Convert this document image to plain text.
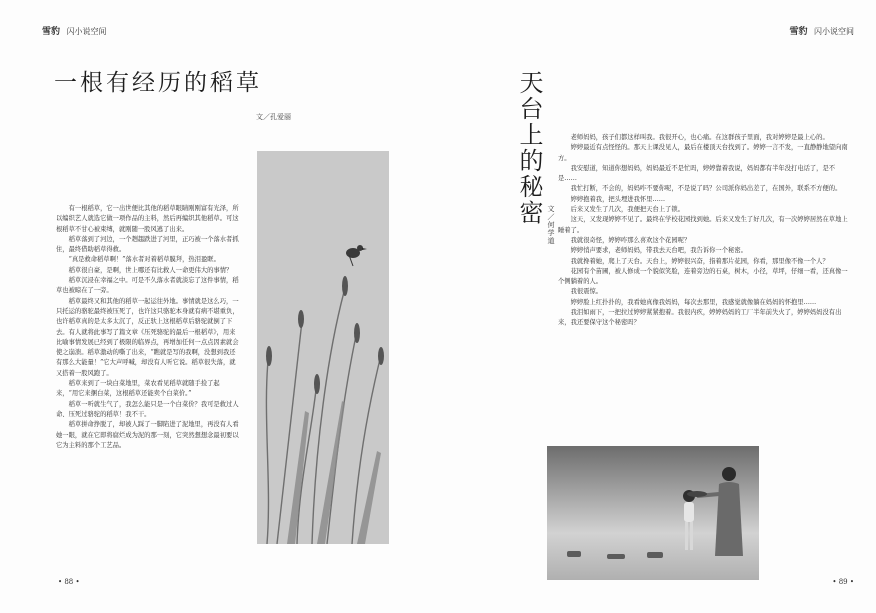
雪豹 闪小说空间
一根有经历的稻草
文／孔爱丽

有一根稻草，它一出世便比其他的稻草眼睛刚刚富有光泽，所以编织艺人就选它做一项作品的主料，然后再编织其他稻草。可这根稻草不甘心被束缚，就刚随一股风逃了出来。

稻草落到了河边，一个趔趄跌进了河里，正巧被一个落水者抓住，最终借助稻草得救。

“真是救命稻草啊！”落水者对着稻草膜拜，热泪盈眶。

稻草很自豪，是啊，世上哪还有比救人一命更伟大的事情？

稻草沉浸在幸福之中。可是不久落水者就淡忘了这件事情，稻草也被晾在了一旁。

稻草最终又和其他的稻草一起运往外地。事情就是这么巧，一只托运的骆驼最终被压死了，也许这只骆驼本身就有病不堪重负，也许稻草真的是太多太沉了，反正驮上这根稻草后骆驼就倒了下去。有人就将此事写了篇文章《压死骆驼的最后一根稻草》，用来比喻事情发展已经到了极限的临界点，再增加任何一点点因素就会使之崩溃。稻草激动的嘶了出来，“瞧就是写的我啊，没想到我还有那么大能量！”它大声呼喊，却没有人听它说。稻草很失落，就又搭着一股风跑了。

稻草来到了一块白菜地里，菜农看见稻草就随手捡了起来，“用它来捆白菜，这根稻草还能卖个白菜价。”

稻草一听就生气了，我怎么能只是一个白菜价？我可是救过人命、压死过骆驼的稻草！我不干。

稻草拼命挣脱了，却被人踩了一脚陷进了泥地里，再没有人看她一眼，就在它即将腐烂成为泥的那一刻，它突然想想念最初要以它为主料的那个工艺品。

• 88 •
雪豹 闪小说空间
• 89 •
天台上的秘密 文／何学道

老师妈妈，孩子们都这样叫我。我很开心，也心痛。在这群孩子里面，我对婷婷是最上心的。

婷婷最近有点怪怪的。那天上课没见人，最后在楼顶天台找到了。婷婷一言不发，一直静静地望向南方。

我安慰道，知道你想妈妈，妈妈最近不是忙吗，婷婷靠着我说，妈妈都有半年没打电话了，是不是……

我忙打断，不会的，妈妈咋不要你呢，不是说了吗？公司派你妈出差了，在国外，联系不方便的。

婷婷抱着我，把头埋进我怀里……

后来又发生了几次，我便把天台上了锁。

这天，又发现婷婷不见了。最终在学校花园找到她。后来又发生了好几次，有一次婷婷居然在草地上睡着了。

我就很奇怪，婷婷咋那么喜欢这个花园呢？

婷婷悄声要求，老师妈妈，带我去天台吧，我告诉你一个秘密。

我就搀着她，爬上了天台。天台上，婷婷很兴奋，指着那片花园，你看，那里像不像一个人？

花园有个苗圃，被人修成一个貌似笑脸，连着旁边的石桌，树木，小径，草坪，仔细一看，还真像一个侧躺着的人。

我很震惊。

婷婷脸上红扑扑的，我看她真像我妈妈，每次去那里，我感觉就像躺在妈妈的怀抱里……

我泪如雨下，一把拉过婷婷紧紧抱着。我很内疚，婷婷妈妈的工厂半年前失火了，婷婷妈妈没有出来，我还要保守这个秘密吗？
